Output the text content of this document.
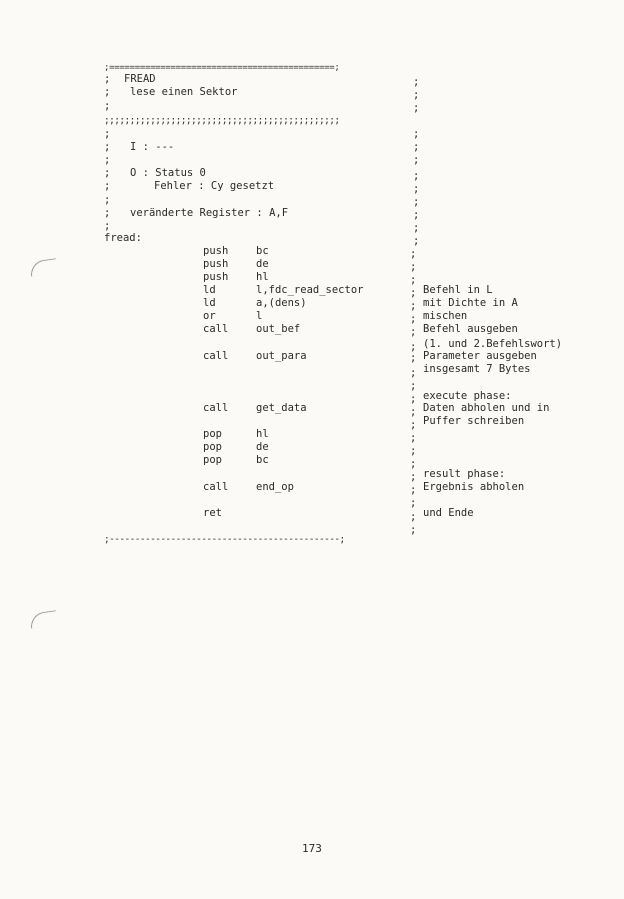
;============================================;
; FREAD	;
; lese einen Sektor	;
;	;
;;;;;;;;;;;;;;;;;;;;;;;;;;;;;;;;;;;;;;;;;;;;;;
;	;
; I : ---	;
;	;
; O : Status 0	;
;	Fehler : Cy gesetzt	;
;	;
; veränderte Register : A,F	;
;	;
fread:	;
push	bc
push	de
push	hl
ld	l,fdc_read_sector	Befehl in L
ld	a,(dens)	mit Dichte in A
or	l	mischen
call	out_bef	Befehl ausgeben
(1. und 2.Befehlswort)
call	out_para	Parameter ausgeben
insgesamt 7 Bytes
execute phase:
call	get_data	Daten abholen und in
Puffer schreiben
pop	hl
pop	de
pop	bc
result phase:
call	end_op	Ergebnis abholen
ret	und Ende
;
;
;
;
;
;
;
;
;
;
;
;
;
;
;
;
;
;
;
;
;
;
;---------------------------------------------;
173
